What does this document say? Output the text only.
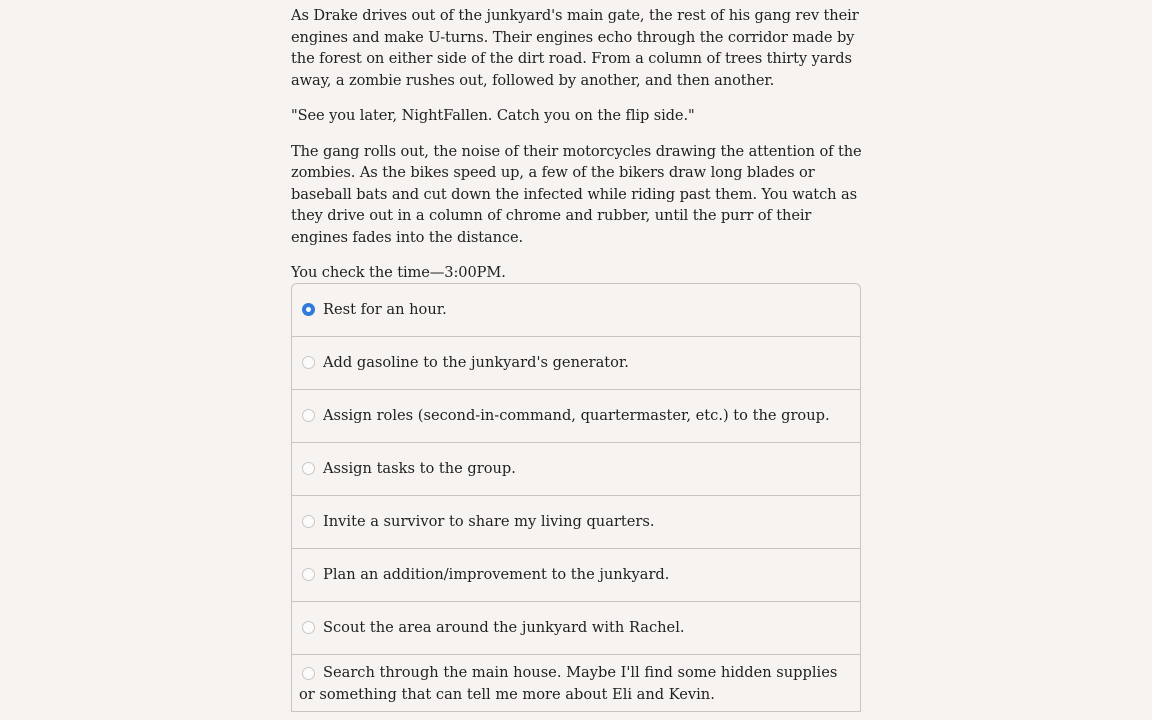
As Drake drives out of the junkyard's main gate, the rest of his gang rev their engines and make U-turns. Their engines echo through the corridor made by the forest on either side of the dirt road. From a column of trees thirty yards away, a zombie rushes out, followed by another, and then another.

"See you later, NightFallen. Catch you on the flip side."

The gang rolls out, the noise of their motorcycles drawing the attention of the zombies. As the bikes speed up, a few of the bikers draw long blades or baseball bats and cut down the infected while riding past them. You watch as they drive out in a column of chrome and rubber, until the purr of their engines fades into the distance.

You check the time—3:00PM.

Rest for an hour.
Add gasoline to the junkyard's generator.
Assign roles (second-in-command, quartermaster, etc.) to the group.
Assign tasks to the group.
Invite a survivor to share my living quarters.
Plan an addition/improvement to the junkyard.
Scout the area around the junkyard with Rachel.
Search through the main house. Maybe I'll find some hidden supplies or something that can tell me more about Eli and Kevin.
